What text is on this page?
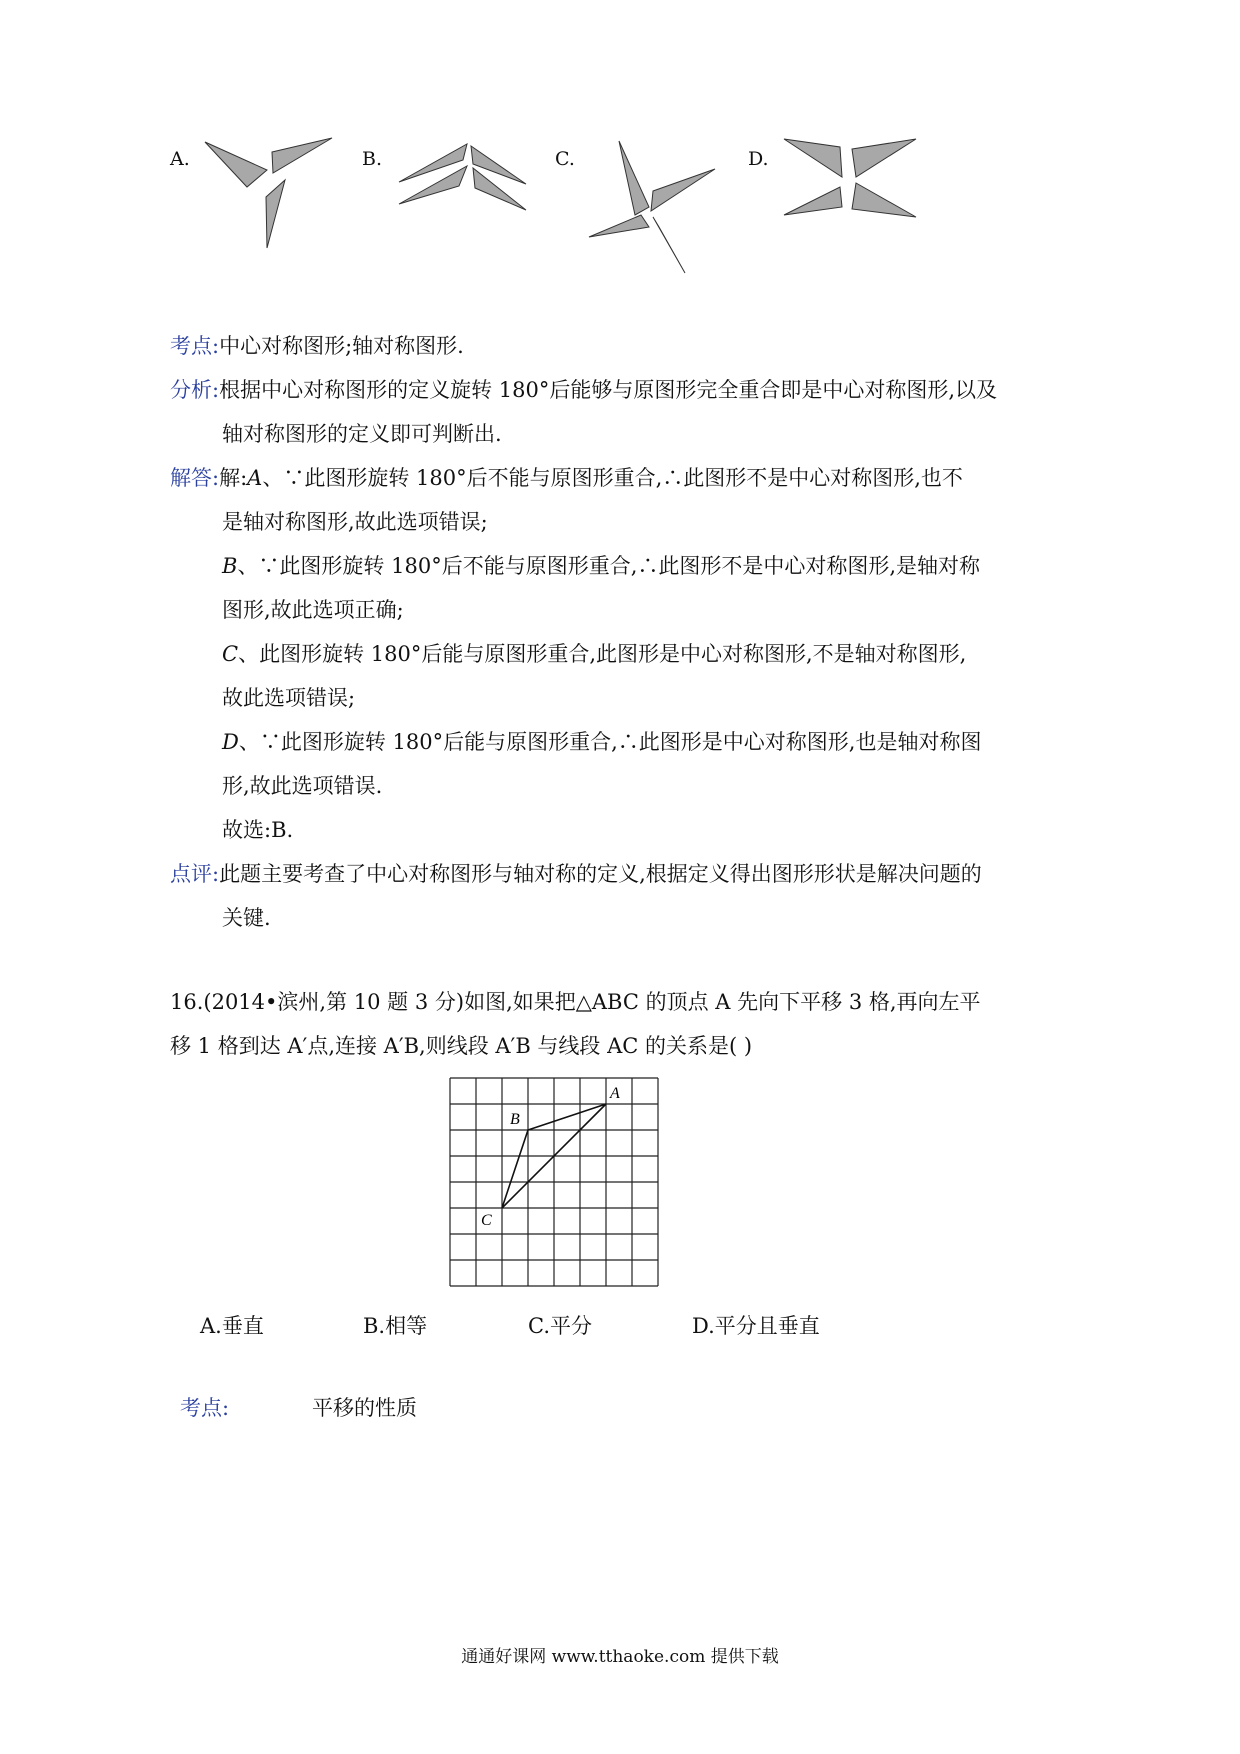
A.	B.	C.	D.
考点:中心对称图形;轴对称图形.
分析:根据中心对称图形的定义旋转 180°后能够与原图形完全重合即是中心对称图形,以及
轴对称图形的定义即可判断出.
解答:解:A、∵此图形旋转 180°后不能与原图形重合,∴此图形不是中心对称图形,也不
是轴对称图形,故此选项错误;
B、∵此图形旋转 180°后不能与原图形重合,∴此图形不是中心对称图形,是轴对称
图形,故此选项正确;
C、此图形旋转 180°后能与原图形重合,此图形是中心对称图形,不是轴对称图形,
故此选项错误;
D、∵此图形旋转 180°后能与原图形重合,∴此图形是中心对称图形,也是轴对称图
形,故此选项错误.
故选:B.
点评:此题主要考查了中心对称图形与轴对称的定义,根据定义得出图形形状是解决问题的
关键.
16.(2014•滨州,第 10 题 3 分)如图,如果把△ABC 的顶点 A 先向下平移 3 格,再向左平
移 1 格到达 A′点,连接 A′B,则线段 A′B 与线段 AC 的关系是( )
A
B
C
A.垂直	B.相等	C.平分	D.平分且垂直
考点:	平移的性质
通通好课网 www.tthaoke.com 提供下载
